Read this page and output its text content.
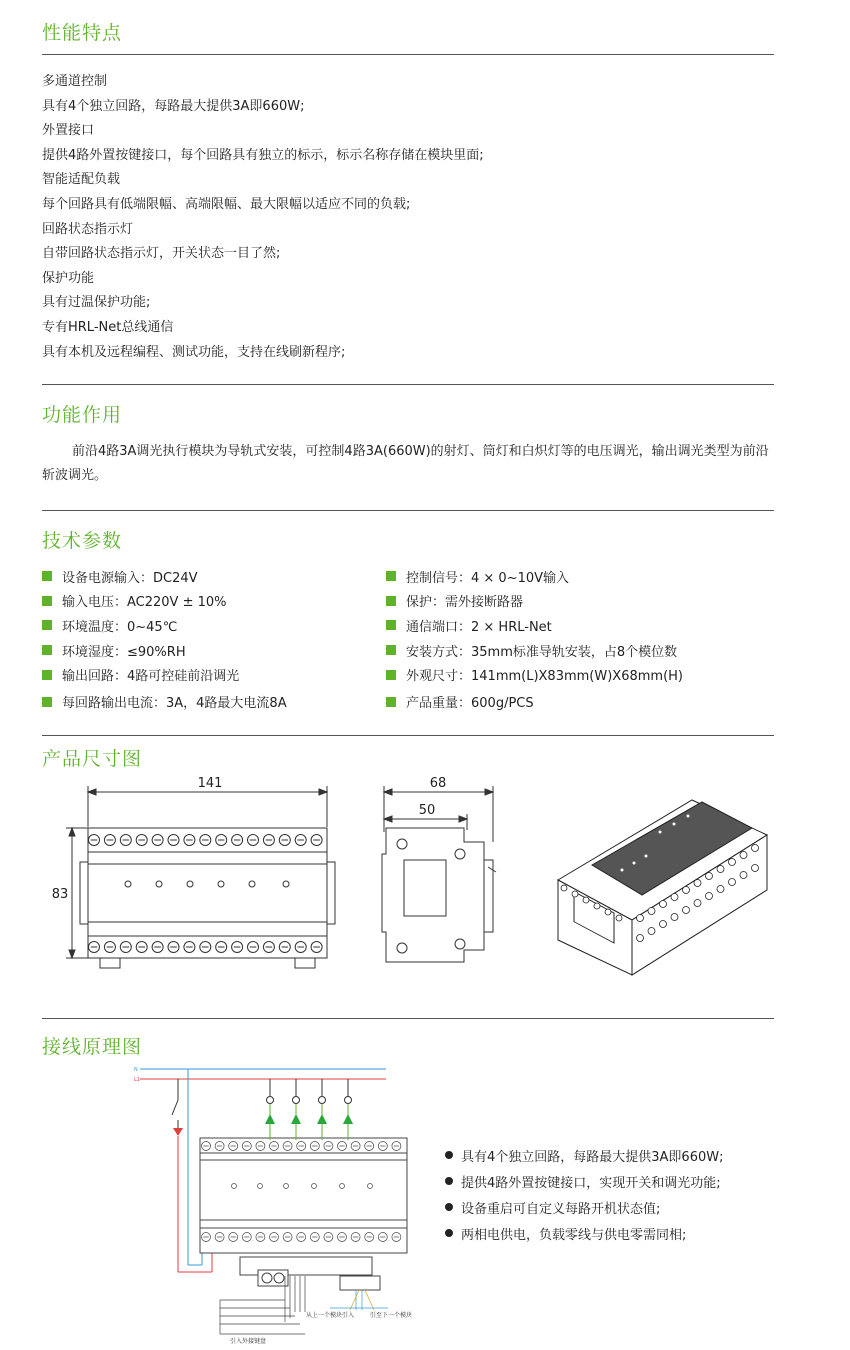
性能特点
多通道控制
具有4个独立回路，每路最大提供3A即660W;
外置接口
提供4路外置按键接口，每个回路具有独立的标示，标示名称存储在模块里面;
智能适配负载
每个回路具有低端限幅、高端限幅、最大限幅以适应不同的负载;
回路状态指示灯
自带回路状态指示灯，开关状态一目了然;
保护功能
具有过温保护功能;
专有HRL-Net总线通信
具有本机及远程编程、测试功能，支持在线刷新程序;
功能作用
前沿4路3A调光执行模块为导轨式安装，可控制4路3A(660W)的射灯、筒灯和白炽灯等的电压调光，输出调光类型为前沿斩波调光。
技术参数
设备电源输入：DC24V
输入电压：AC220V ± 10%
环境温度：0~45℃
环境湿度：≤90%RH
输出回路：4路可控硅前沿调光
每回路输出电流：3A，4路最大电流8A
控制信号：4 × 0~10V输入
保护：需外接断路器
通信端口：2 × HRL-Net
安装方式：35mm标准导轨安装，占8个模位数
外观尺寸：141mm(L)X83mm(W)X68mm(H)
产品重量：600g/PCS
产品尺寸图
141
83
68
50
接线原理图
N
L1
从上一个模块引入	引至下一个模块
引入外接键盘
具有4个独立回路，每路最大提供3A即660W;
提供4路外置按键接口，实现开关和调光功能;
设备重启可自定义每路开机状态值;
两相电供电，负载零线与供电零需同相;
